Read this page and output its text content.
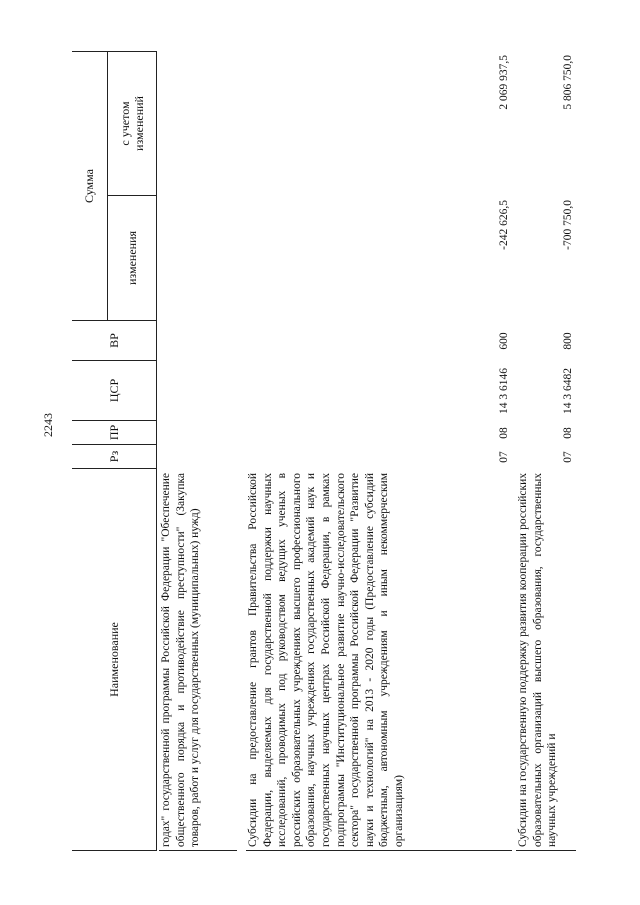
2243
Наименование
Рз
ПР
ЦСР
ВР
Сумма
изменения
с учетом изменений
годах" государственной программы Российской Федерации "Обеспечение общественного порядка и противодействие преступности" (Закупка товаров, работ и услуг для государственных (муниципальных) нужд)	Субсидии на предоставление грантов Правительства Российской Федерации, выделяемых для государственной поддержки научных исследований, проводимых под руководством ведущих ученых в российских образовательных учреждениях высшего профессионального образования, научных учреждениях государственных академий наук и государственных научных центрах Российской Федерации, в рамках подпрограммы "Институциональное развитие научно-исследовательского сектора" государственной программы Российской Федерации "Развитие науки и технологий" на 2013 - 2020 годы (Предоставление субсидий бюджетным, автономным учреждениям и иным некоммерческим организациям)
07
08
14 3 6146
600
-242 626,5
2 069 937,5
Субсидии на государственную поддержку развития кооперации российских образовательных организаций высшего образования, государственных научных учреждений и
07
08
14 3 6482
800
-700 750,0
5 806 750,0
